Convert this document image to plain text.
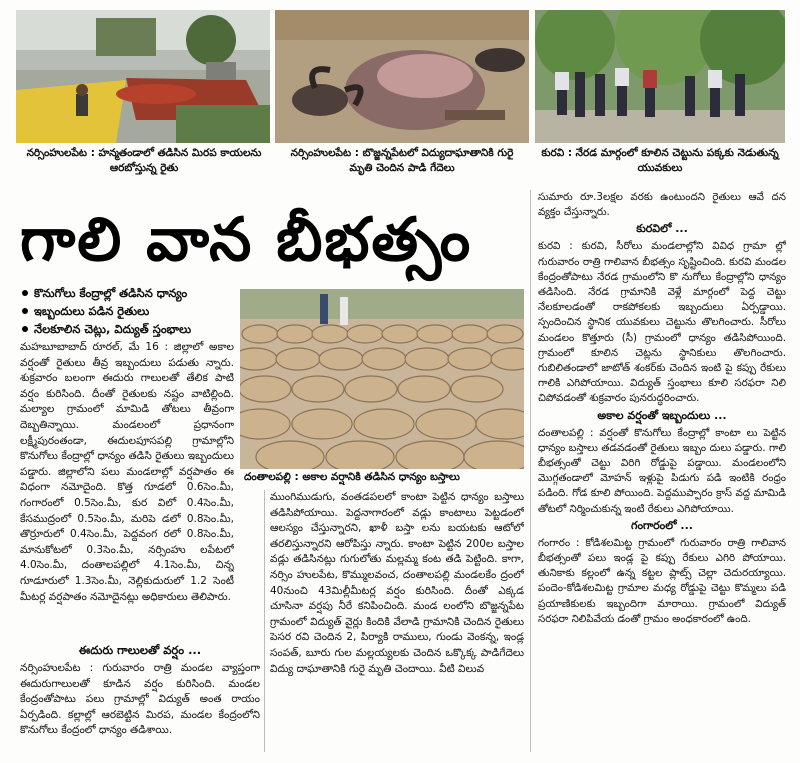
నర్సింహులపేట : హన్మతండాలో తడిసిన మిరప కాయలను ఆరబోస్తున్న రైతు
నర్సింహులపేట : బొజ్జన్నపేటలో విద్యుదాఘాతానికి గురై మృతి చెందిన పాడి గేదెలు
కురవి : నేరడ మార్గంలో కూలిన చెట్టును పక్కకు నెడుతున్న యువకులు
గాలి వాన బీభత్సం
కొనుగోలు కేంద్రాల్లో తడిసిన ధాన్యం
ఇబ్బందులు పడిన రైతులు
నేలకూలిన చెట్లు, విద్యుత్‌ స్తంభాలు
దంతాలపల్లి : అకాల వర్షానికి తడిసిన ధాన్యం బస్తాలు

మహబూబాబాద్‌ రూరల్‌, మే 16 : జిల్లాలో అకాల వర్షంతో రైతులు తీవ్ర ఇబ్బందులు పడుతు న్నారు. శుక్రవారం బలంగా ఈదురు గాలులతో తేలిక పాటి వర్షం కురిసింది. దీంతో రైతులకు నష్టం వాటిల్లింది. మల్యాల గ్రామంలో మామిడి తోటలు తీవ్రంగా దెబ్బతిన్నాయి. మండలంలో ప్రధానంగా లక్ష్మీపురంతండా, ఈదులపూసపల్లి గ్రామాల్లోని కొనుగోలు కేంద్రాల్లో ధాన్యం తడిసి రైతులు ఇబ్బందులు పడ్డారు. జిల్లాలోని పలు మండలాల్లో వర్షపాతం ఈ విధంగా నమోదైంది. కొత్త గూడలో 0.6సెం.మీ, గంగారంలో 0.5సెం.మీ, కుర విలో 0.4సెం.మీ, కేసముద్రంలో 0.5సెం.మీ, మరిపె డలో 0.8సెం.మీ, తొర్రూరులో 0.4సెం.మీ, పెద్దవంగ రలో 0.8సెం.మీ, మానుకోటలో 0.3సెం.మీ, నర్సింహు లపేటలో 4.0సెం.మీ, దంతాలపల్లిలో 4.1సెం.మీ, చిన్న గూడూరులో 1.3సెం.మీ, నెల్లికుదురులో 1.2 సెంటీ మీటర్ల వర్షపాతం నమోదైనట్లు అధికారులు తెలిపారు.

ఈదురు గాలులతో వర్షం ...

నర్సింహులపేట : గురువారం రాత్రి మండల వ్యాప్తంగా ఈదురుగాలులతో కూడిన వర్షం కురిసింది. మండల కేంద్రంతోపాటు పలు గ్రామాల్లో విద్యుత్‌ అంత రాయం ఏర్పడింది. కల్లాల్లో ఆరబెట్టిన మిరప, మండల కేంద్రంలోని కొనుగోలు కేంద్రంలో ధాన్యం తడిశాయి.

ముంగిముడుగు, వంతడపలలో కాంటా పెట్టిన ధాన్యం బస్తాలు తడిసిపోయాయి. పెద్దనాగారంలో వడ్లు కాంటాలు పెట్టడంలో ఆలస్యం చేస్తున్నారని, ఖాళీ బస్తా లను బయటకు ఆటోలో తరలిస్తున్నారని ఆరోపిస్తు న్నారు. కాంటా పెట్టిన 200ల బస్తాల వడ్లు తడిసినట్లు గుగులోతు మల్లమ్మ కంట తడి పెట్టింది. కాగా, నర్సిం హులపేట, కొమ్ములవంచ, దంతాలపల్లి మండలకేం ద్రంలో 40నుంచి 43మిల్లీమీటర్ల వర్షం కురిసింది. దీంతో ఎక్కడ చూసినా వర్షపు నీరే కనిపించింది. మండ లంలోని బొజ్జన్నపేట గ్రామంలో విద్యుత్‌ వైర్లు కిందికి వేలాడి గ్రామానికి చెందిన రైతులు పెసర రవి చెందిన 2, పిర్యాకి రాములు, గుండు వెంకన్న, ఇండ్ల సంపత్‌, బూరు గుల మల్లయ్యలకు చెందిన ఒక్కొక్క పాడిగేదెలు విద్యు దాఘాతానికి గురై మృతి చెందాయి. వీటి విలువ

సుమారు రూ.3లక్షల వరకు ఉంటుందని రైతులు ఆవే దన వ్యక్తం చేస్తున్నారు.

కురవిలో ...

కురవి : కురవి, సీరోలు మండలాల్లోని వివిధ గ్రామా ల్లో గురువారం రాత్రి గాలివాన బీభత్సం సృష్టించింది. కురవి మండల కేంద్రంతోపాటు నేరడ గ్రామంలోని కొ నుగోలు కేంద్రాల్లోని ధాన్యం తడిసింది. నేరడ గ్రామానికి వెళ్లే మార్గంలో పెద్ద చెట్టు నేలకూలడంతో రాకపోకలకు ఇబ్బందులు ఏర్పడ్డాయి. స్పందించిన స్థానిక యువకులు చెట్టును తొలగించారు. సీరోలు మండలం కొత్తూరు (సీ) గ్రామంలో ధాన్యం తడిసిపోయింది. గ్రామంలో కూలిన చెట్లను స్థానికులు తొలగించారు. గుబిలితండాలో జాటోత్‌ శంకర్‌కు చెందిన ఇంటి పై కప్పు రేకులు గాలికి ఎగిపోయాయి. విద్యుత్‌ స్తంభాలు కూలి సరఫరా నిలి చిపోవడంతో శుక్రవారం పునరుద్ధరించారు.

అకాల వర్షంతో ఇబ్బందులు ...

దంతాలపల్లి : వర్షంతో కొనుగోలు కేంద్రాల్లో కాంటా లు పెట్టిన ధాన్యం బస్తాలు తడవడంతో రైతులు ఇబ్బం దులు పడ్డారు. గాలి బీభత్సంతో చెట్టు విరిగి రోడ్డుపై పడ్డాయి. మండలంలోని మొగ్గతండాలో మోహన్‌ ఇళ్లుపై పిడుగు పడి ఇంటికి రంధ్రం పడింది. గోడ కూలి పోయింది. పెద్దముప్పారం క్రాస్‌ వద్ద మామిడి తోటలో నిర్మించుకున్న ఇంటి రేకులు ఎగిపోయాయి.

గంగారంలో ...

గంగారం : కోడిశలమిట్ట గ్రామంలో గురువారం రాత్రి గాలివాన బీభత్సంతో పలు ఇండ్ల పై కప్పు రేకులు ఎగిరి పోయాయి. తునికాకు కల్లంలో ఉన్న కట్టల ప్లాట్స్‌ చెల్లా చెదురయ్యాయి. పందెం-కోడిశలమిట్ట గ్రామాల మధ్య రోడ్డుపై చెట్టు కొమ్మలు పడి ప్రయాణికులకు ఇబ్బందిగా మారాయి. గ్రామంలో విద్యుత్‌ సరఫరా నిలిపివేయ డంతో గ్రామం అంధకారంలో ఉంది.
